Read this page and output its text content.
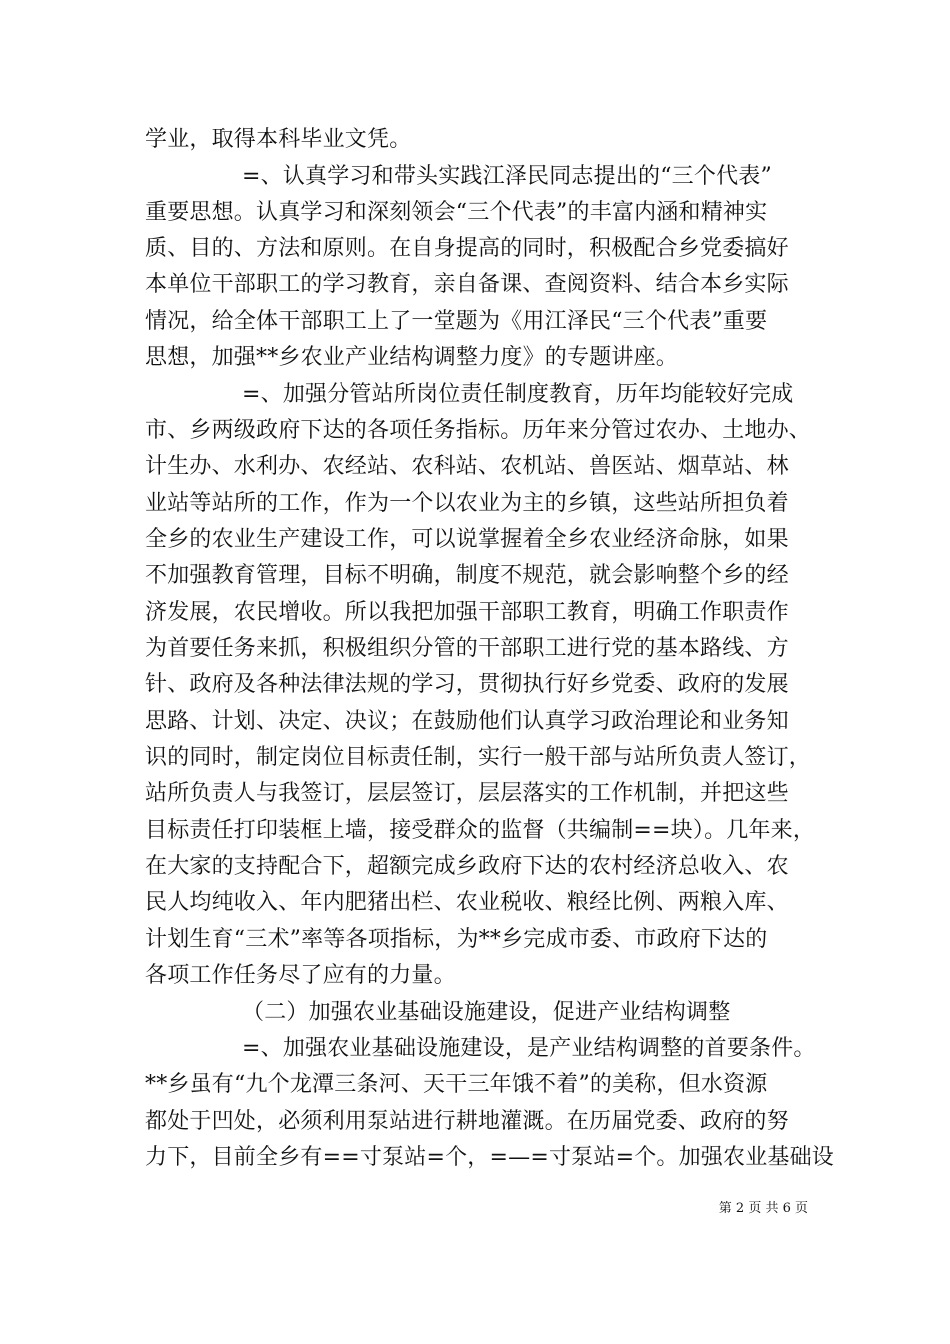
学业，取得本科毕业文凭。
=、认真学习和带头实践江泽民同志提出的“三个代表”
重要思想。认真学习和深刻领会“三个代表”的丰富内涵和精神实
质、目的、方法和原则。在自身提高的同时，积极配合乡党委搞好
本单位干部职工的学习教育，亲自备课、查阅资料、结合本乡实际
情况，给全体干部职工上了一堂题为《用江泽民“三个代表”重要
思想，加强**乡农业产业结构调整力度》的专题讲座。
=、加强分管站所岗位责任制度教育，历年均能较好完成
市、乡两级政府下达的各项任务指标。历年来分管过农办、土地办、
计生办、水利办、农经站、农科站、农机站、兽医站、烟草站、林
业站等站所的工作，作为一个以农业为主的乡镇，这些站所担负着
全乡的农业生产建设工作，可以说掌握着全乡农业经济命脉，如果
不加强教育管理，目标不明确，制度不规范，就会影响整个乡的经
济发展，农民增收。所以我把加强干部职工教育，明确工作职责作
为首要任务来抓，积极组织分管的干部职工进行党的基本路线、方
针、政府及各种法律法规的学习，贯彻执行好乡党委、政府的发展
思路、计划、决定、决议；在鼓励他们认真学习政治理论和业务知
识的同时，制定岗位目标责任制，实行一般干部与站所负责人签订，
站所负责人与我签订，层层签订，层层落实的工作机制，并把这些
目标责任打印装框上墙，接受群众的监督（共编制==块）。几年来，
在大家的支持配合下，超额完成乡政府下达的农村经济总收入、农
民人均纯收入、年内肥猪出栏、农业税收、粮经比例、两粮入库、
计划生育“三术”率等各项指标，为**乡完成市委、市政府下达的
各项工作任务尽了应有的力量。
（二）加强农业基础设施建设，促进产业结构调整
=、加强农业基础设施建设，是产业结构调整的首要条件。
**乡虽有“九个龙潭三条河、天干三年饿不着”的美称，但水资源
都处于凹处，必须利用泵站进行耕地灌溉。在历届党委、政府的努
力下，目前全乡有==寸泵站=个，=—=寸泵站=个。加强农业基础设
第 2 页 共 6 页
